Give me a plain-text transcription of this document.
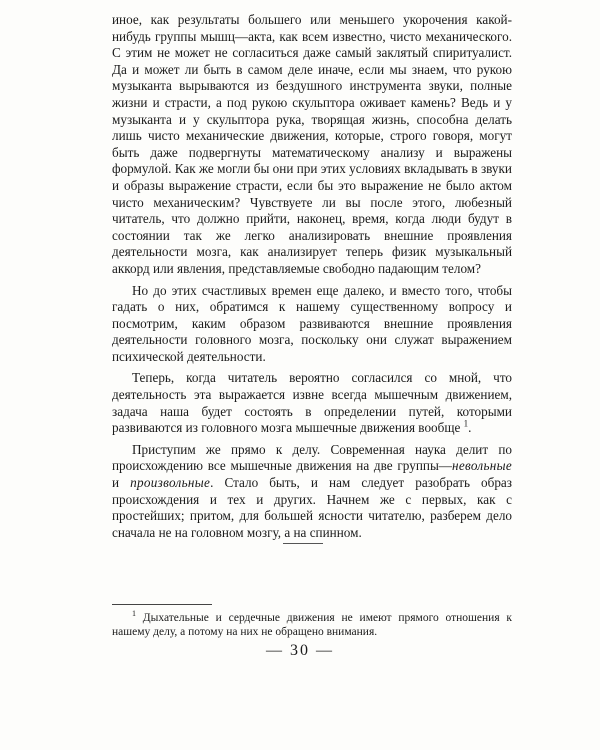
иное, как результаты большего или меньшего укорочения какой-нибудь группы мышц—акта, как всем известно, чисто механического. С этим не может не согласиться даже самый заклятый спиритуалист. Да и может ли быть в самом деле иначе, если мы знаем, что рукою музыканта вырываются из бездушного инструмента звуки, полные жизни и страсти, а под рукою скульптора оживает камень? Ведь и у музыканта и у скульптора рука, творящая жизнь, способна делать лишь чисто механические движения, которые, строго говоря, могут быть даже подвергнуты математическому анализу и выражены формулой. Как же могли бы они при этих условиях вкладывать в звуки и образы выражение страсти, если бы это выражение не было актом чисто механическим? Чувствуете ли вы после этого, любезный читатель, что должно прийти, наконец, время, когда люди будут в состоянии так же легко анализировать внешние проявления деятельности мозга, как анализирует теперь физик музыкальный аккорд или явления, представляемые свободно падающим телом?

Но до этих счастливых времен еще далеко, и вместо того, чтобы гадать о них, обратимся к нашему существенному вопросу и посмотрим, каким образом развиваются внешние проявления деятельности головного мозга, поскольку они служат выражением психической деятельности.

Теперь, когда читатель вероятно согласился со мной, что деятельность эта выражается извне всегда мышечным движением, задача наша будет состоять в определении путей, которыми развиваются из головного мозга мышечные движения вообще $^1$.

Приступим же прямо к делу. Современная наука делит по происхождению все мышечные движения на две группы—невольные и произвольные. Стало быть, и нам следует разобрать образ происхождения и тех и других. Начнем же с первых, как с простейших; притом, для большей ясности читателю, разберем дело сначала не на головном мозгу, а на спинном.

$^1$ Дыхательные и сердечные движения не имеют прямого отношения к нашему делу, а потому на них не обращено внимания.

— 30 —
